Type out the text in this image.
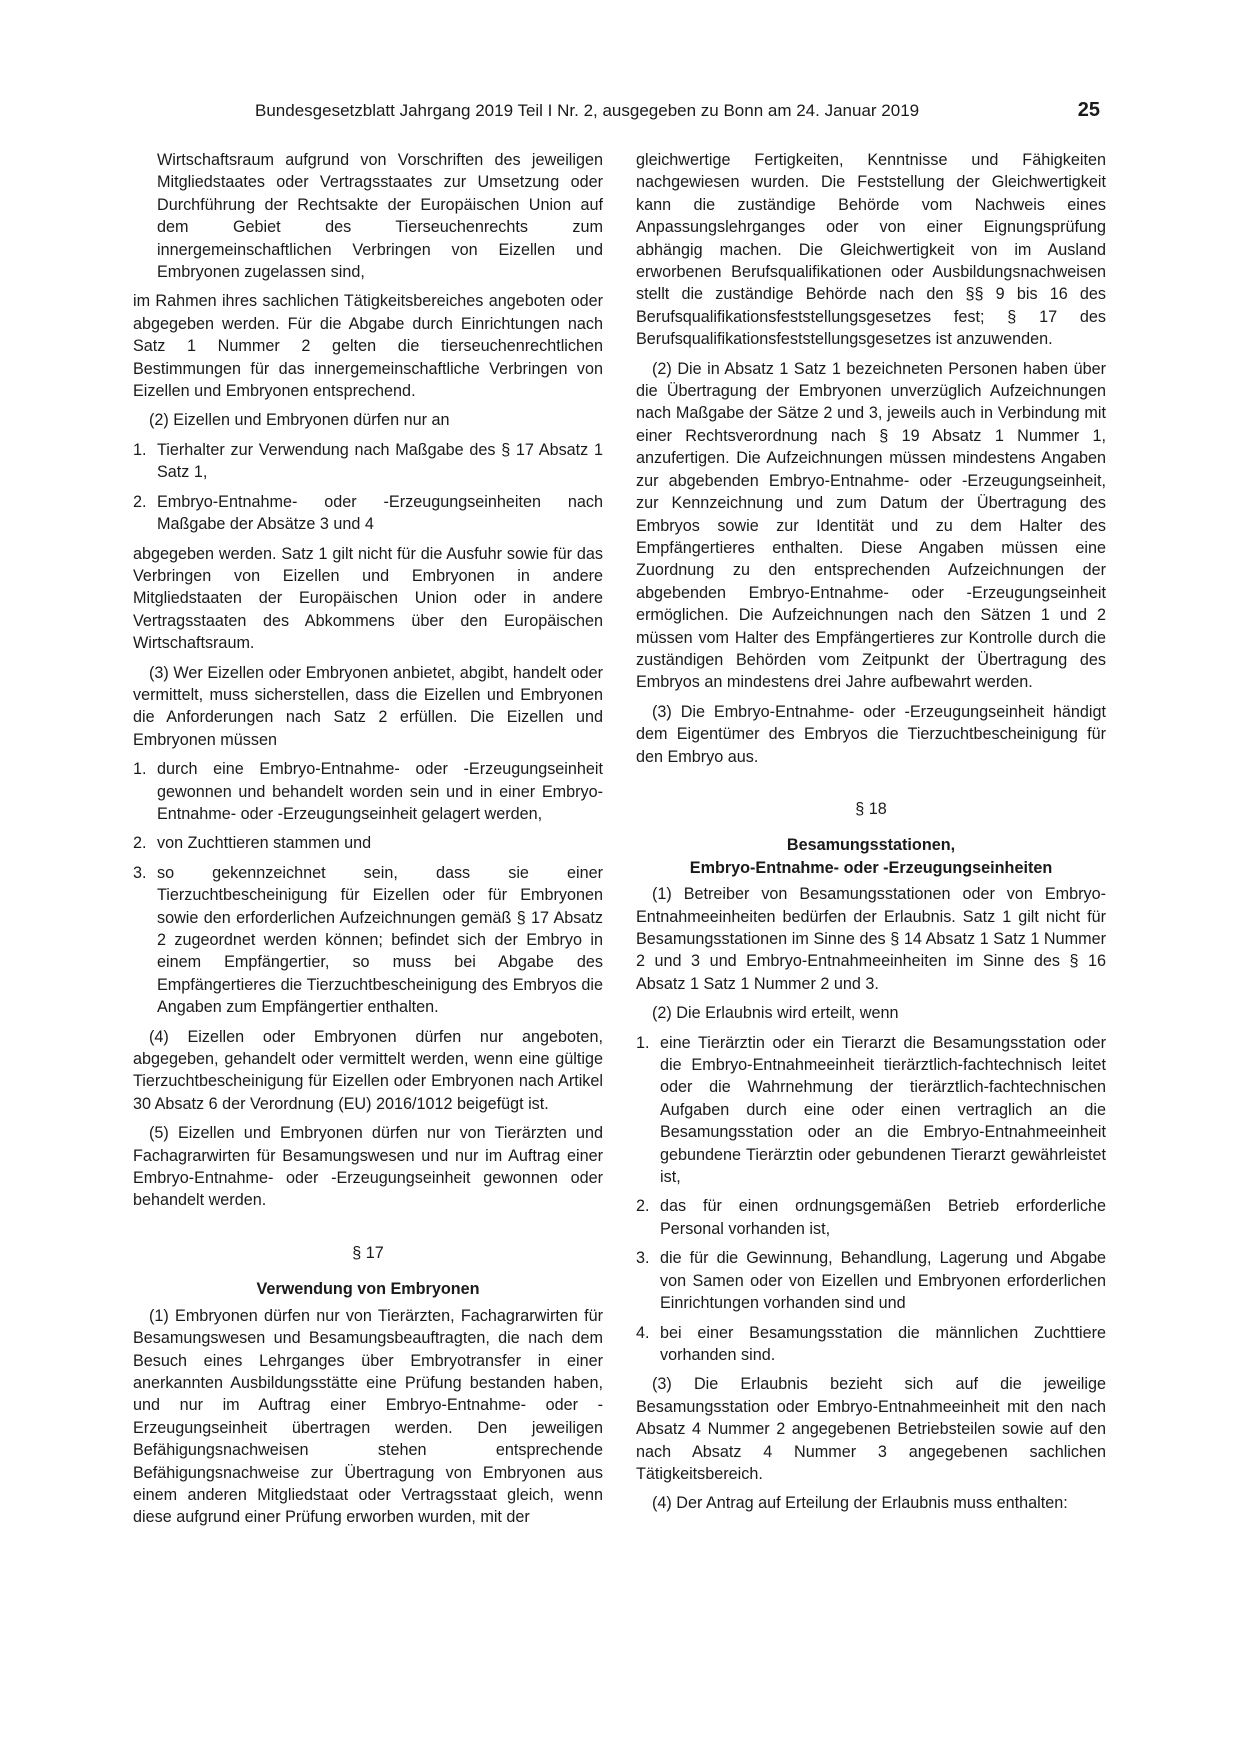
Bundesgesetzblatt Jahrgang 2019 Teil I Nr. 2, ausgegeben zu Bonn am 24. Januar 2019	25

Wirtschaftsraum aufgrund von Vorschriften des jeweiligen Mitgliedstaates oder Vertragsstaates zur Umsetzung oder Durchführung der Rechtsakte der Europäischen Union auf dem Gebiet des Tierseuchenrechts zum innergemeinschaftlichen Verbringen von Eizellen und Embryonen zugelassen sind,

im Rahmen ihres sachlichen Tätigkeitsbereiches angeboten oder abgegeben werden. Für die Abgabe durch Einrichtungen nach Satz 1 Nummer 2 gelten die tierseuchenrechtlichen Bestimmungen für das innergemeinschaftliche Verbringen von Eizellen und Embryonen entsprechend.

(2) Eizellen und Embryonen dürfen nur an

1. Tierhalter zur Verwendung nach Maßgabe des § 17 Absatz 1 Satz 1,
2. Embryo-Entnahme- oder -Erzeugungseinheiten nach Maßgabe der Absätze 3 und 4

abgegeben werden. Satz 1 gilt nicht für die Ausfuhr sowie für das Verbringen von Eizellen und Embryonen in andere Mitgliedstaaten der Europäischen Union oder in andere Vertragsstaaten des Abkommens über den Europäischen Wirtschaftsraum.

(3) Wer Eizellen oder Embryonen anbietet, abgibt, handelt oder vermittelt, muss sicherstellen, dass die Eizellen und Embryonen die Anforderungen nach Satz 2 erfüllen. Die Eizellen und Embryonen müssen

1. durch eine Embryo-Entnahme- oder -Erzeugungseinheit gewonnen und behandelt worden sein und in einer Embryo-Entnahme- oder -Erzeugungseinheit gelagert werden,
2. von Zuchttieren stammen und
3. so gekennzeichnet sein, dass sie einer Tierzuchtbescheinigung für Eizellen oder für Embryonen sowie den erforderlichen Aufzeichnungen gemäß § 17 Absatz 2 zugeordnet werden können; befindet sich der Embryo in einem Empfängertier, so muss bei Abgabe des Empfängertieres die Tierzuchtbescheinigung des Embryos die Angaben zum Empfängertier enthalten.

(4) Eizellen oder Embryonen dürfen nur angeboten, abgegeben, gehandelt oder vermittelt werden, wenn eine gültige Tierzuchtbescheinigung für Eizellen oder Embryonen nach Artikel 30 Absatz 6 der Verordnung (EU) 2016/1012 beigefügt ist.

(5) Eizellen und Embryonen dürfen nur von Tierärzten und Fachagrarwirten für Besamungswesen und nur im Auftrag einer Embryo-Entnahme- oder -Erzeugungseinheit gewonnen oder behandelt werden.

§ 17
Verwendung von Embryonen

(1) Embryonen dürfen nur von Tierärzten, Fachagrarwirten für Besamungswesen und Besamungsbeauftragten, die nach dem Besuch eines Lehrganges über Embryotransfer in einer anerkannten Ausbildungsstätte eine Prüfung bestanden haben, und nur im Auftrag einer Embryo-Entnahme- oder -Erzeugungseinheit übertragen werden. Den jeweiligen Befähigungsnachweisen stehen entsprechende Befähigungsnachweise zur Übertragung von Embryonen aus einem anderen Mitgliedstaat oder Vertragsstaat gleich, wenn diese aufgrund einer Prüfung erworben wurden, mit der

gleichwertige Fertigkeiten, Kenntnisse und Fähigkeiten nachgewiesen wurden. Die Feststellung der Gleichwertigkeit kann die zuständige Behörde vom Nachweis eines Anpassungslehrganges oder von einer Eignungsprüfung abhängig machen. Die Gleichwertigkeit von im Ausland erworbenen Berufsqualifikationen oder Ausbildungsnachweisen stellt die zuständige Behörde nach den §§ 9 bis 16 des Berufsqualifikationsfeststellungsgesetzes fest; § 17 des Berufsqualifikationsfeststellungsgesetzes ist anzuwenden.

(2) Die in Absatz 1 Satz 1 bezeichneten Personen haben über die Übertragung der Embryonen unverzüglich Aufzeichnungen nach Maßgabe der Sätze 2 und 3, jeweils auch in Verbindung mit einer Rechtsverordnung nach § 19 Absatz 1 Nummer 1, anzufertigen. Die Aufzeichnungen müssen mindestens Angaben zur abgebenden Embryo-Entnahme- oder -Erzeugungseinheit, zur Kennzeichnung und zum Datum der Übertragung des Embryos sowie zur Identität und zu dem Halter des Empfängertieres enthalten. Diese Angaben müssen eine Zuordnung zu den entsprechenden Aufzeichnungen der abgebenden Embryo-Entnahme- oder -Erzeugungseinheit ermöglichen. Die Aufzeichnungen nach den Sätzen 1 und 2 müssen vom Halter des Empfängertieres zur Kontrolle durch die zuständigen Behörden vom Zeitpunkt der Übertragung des Embryos an mindestens drei Jahre aufbewahrt werden.

(3) Die Embryo-Entnahme- oder -Erzeugungseinheit händigt dem Eigentümer des Embryos die Tierzuchtbescheinigung für den Embryo aus.

§ 18
Besamungsstationen,
Embryo-Entnahme- oder -Erzeugungseinheiten

(1) Betreiber von Besamungsstationen oder von Embryo-Entnahmeeinheiten bedürfen der Erlaubnis. Satz 1 gilt nicht für Besamungsstationen im Sinne des § 14 Absatz 1 Satz 1 Nummer 2 und 3 und Embryo-Entnahmeeinheiten im Sinne des § 16 Absatz 1 Satz 1 Nummer 2 und 3.

(2) Die Erlaubnis wird erteilt, wenn

1. eine Tierärztin oder ein Tierarzt die Besamungsstation oder die Embryo-Entnahmeeinheit tierärztlich-fachtechnisch leitet oder die Wahrnehmung der tierärztlich-fachtechnischen Aufgaben durch eine oder einen vertraglich an die Besamungsstation oder an die Embryo-Entnahmeeinheit gebundene Tierärztin oder gebundenen Tierarzt gewährleistet ist,
2. das für einen ordnungsgemäßen Betrieb erforderliche Personal vorhanden ist,
3. die für die Gewinnung, Behandlung, Lagerung und Abgabe von Samen oder von Eizellen und Embryonen erforderlichen Einrichtungen vorhanden sind und
4. bei einer Besamungsstation die männlichen Zuchttiere vorhanden sind.

(3) Die Erlaubnis bezieht sich auf die jeweilige Besamungsstation oder Embryo-Entnahmeeinheit mit den nach Absatz 4 Nummer 2 angegebenen Betriebsteilen sowie auf den nach Absatz 4 Nummer 3 angegebenen sachlichen Tätigkeitsbereich.

(4) Der Antrag auf Erteilung der Erlaubnis muss enthalten:
